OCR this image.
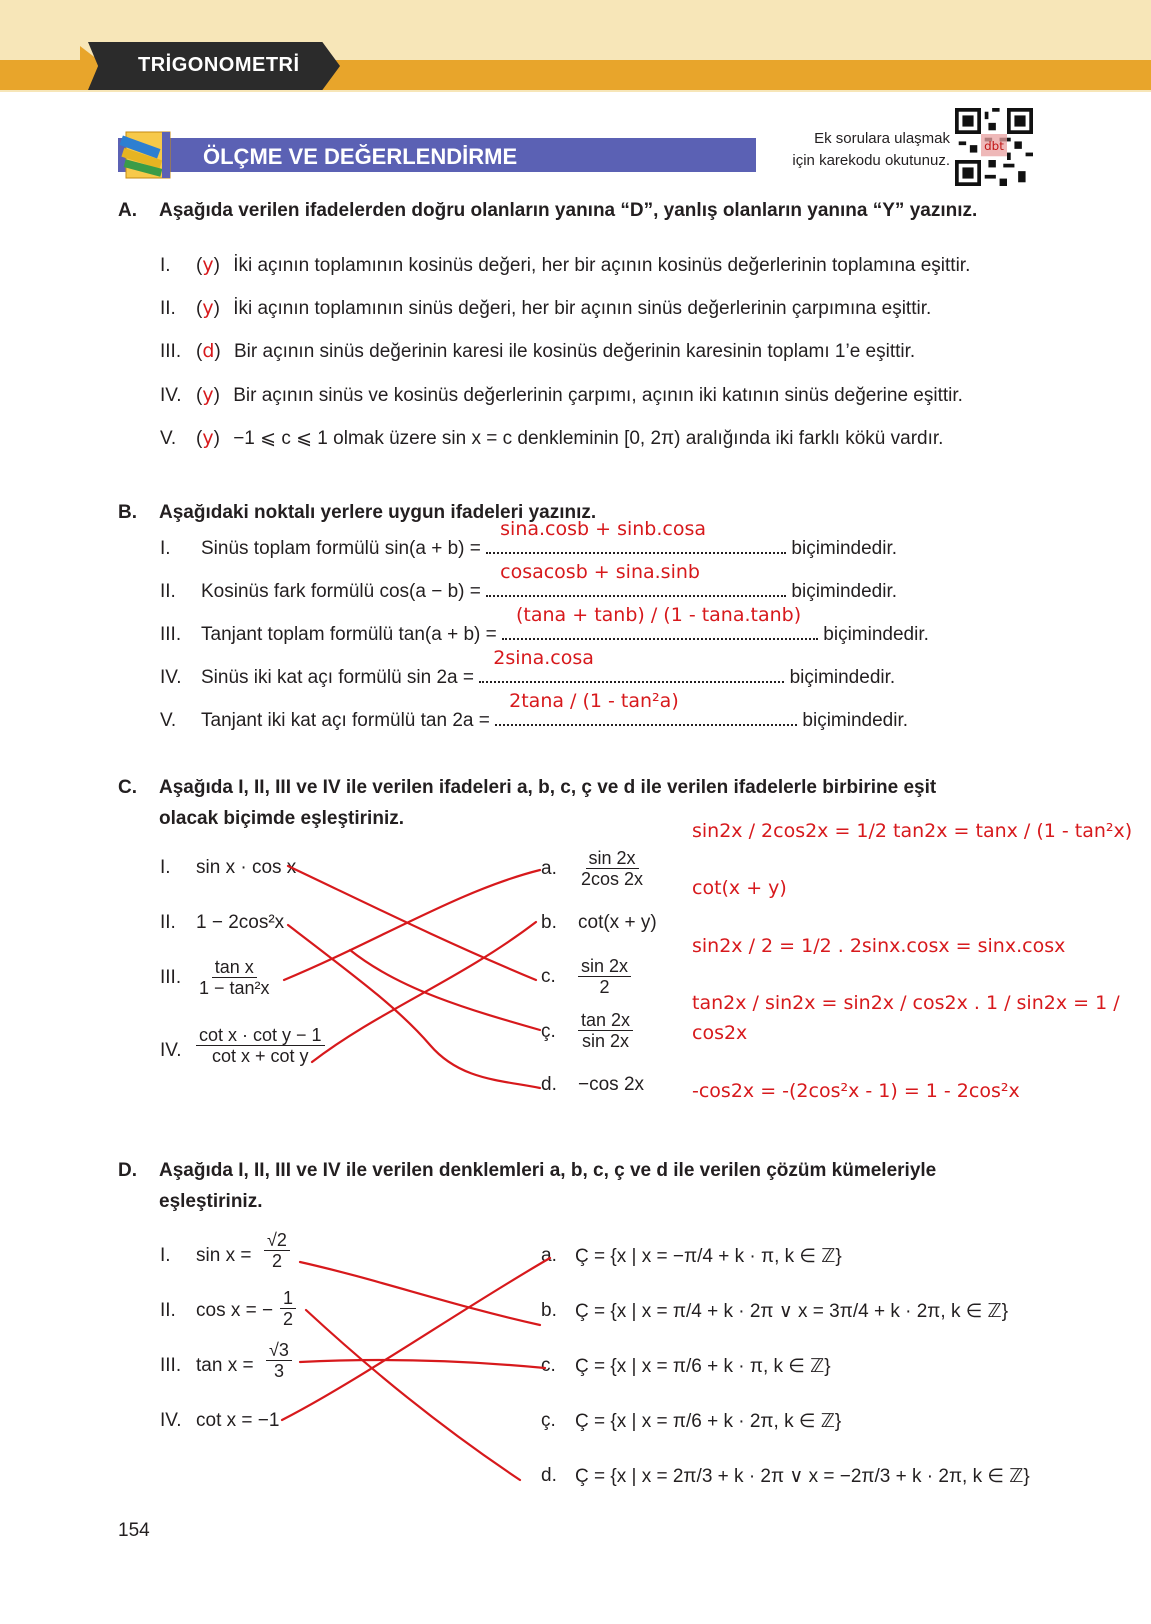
TRİGONOMETRİ
ÖLÇME VE DEĞERLENDİRME
Ek sorulara ulaşmak
için karekodu okutunuz.
dbt
A. Aşağıda verilen ifadelerden doğru olanların yanına “D”, yanlış olanların yanına “Y” yazınız.
I. (y) İki açının toplamının kosinüs değeri, her bir açının kosinüs değerlerinin toplamına eşittir.
II. (y) İki açının toplamının sinüs değeri, her bir açının sinüs değerlerinin çarpımına eşittir.
III. (d) Bir açının sinüs değerinin karesi ile kosinüs değerinin karesinin toplamı 1’e eşittir.
IV. (y) Bir açının sinüs ve kosinüs değerlerinin çarpımı, açının iki katının sinüs değerine eşittir.
V. (y) −1 ⩽ c ⩽ 1 olmak üzere sin x = c denkleminin [0, 2π) aralığında iki farklı kökü vardır.
B. Aşağıdaki noktalı yerlere uygun ifadeleri yazınız.
I. Sinüs toplam formülü sin(a + b) =
sina.cosb + sinb.cosa
biçimindedir.
II. Kosinüs fark formülü cos(a − b) =
cosacosb + sina.sinb
biçimindedir.
III. Tanjant toplam formülü tan(a + b) =
(tana + tanb) / (1 - tana.tanb)
biçimindedir.
IV. Sinüs iki kat açı formülü sin 2a =
2sina.cosa
biçimindedir.
V. Tanjant iki kat açı formülü tan 2a =
2tana / (1 - tan²a)
biçimindedir.
C. Aşağıda I, II, III ve IV ile verilen ifadeleri a, b, c, ç ve d ile verilen ifadelerle birbirine eşit
olacak biçimde eşleştiriniz.
I. sin x · cos x
II. 1 − 2cos²x
III. $\frac{\text{tan x}}{\text{1 − tan²x}}$
IV. $\frac{\text{cot x · cot y − 1}}{\text{cot x + cot y}}$
a. $\frac{\sin 2x}{2\cos 2x}$
b. cot(x + y)
c. $\frac{\sin 2x}{2}$
ç. $\frac{\tan 2x}{\sin 2x}$
d. −cos 2x
sin2x / 2cos2x = 1/2 tan2x = tanx / (1 - tan²x)
cot(x + y)
sin2x / 2 = 1/2 . 2sinx.cosx = sinx.cosx
tan2x / sin2x = sin2x / cos2x . 1 / sin2x = 1 /
cos2x
-cos2x = -(2cos²x - 1) = 1 - 2cos²x
D. Aşağıda I, II, III ve IV ile verilen denklemleri a, b, c, ç ve d ile verilen çözüm kümeleriyle
eşleştiriniz.
I. $\sin x = \frac{√2}{2}$
II. cos x = − $\frac{1}{2}$
III. $\tan x = \frac{√3}{3}$
IV. cot x = −1
a. Ç = {x | x = −π/4 + k · π, k ∈ ℤ}
b. Ç = {x | x = π/4 + k · 2π ∨ x = 3π/4 + k · 2π, k ∈ ℤ}
c. Ç = {x | x = π/6 + k · π, k ∈ ℤ}
ç. Ç = {x | x = π/6 + k · 2π, k ∈ ℤ}
d. Ç = {x | x = 2π/3 + k · 2π ∨ x = −2π/3 + k · 2π, k ∈ ℤ}
154
